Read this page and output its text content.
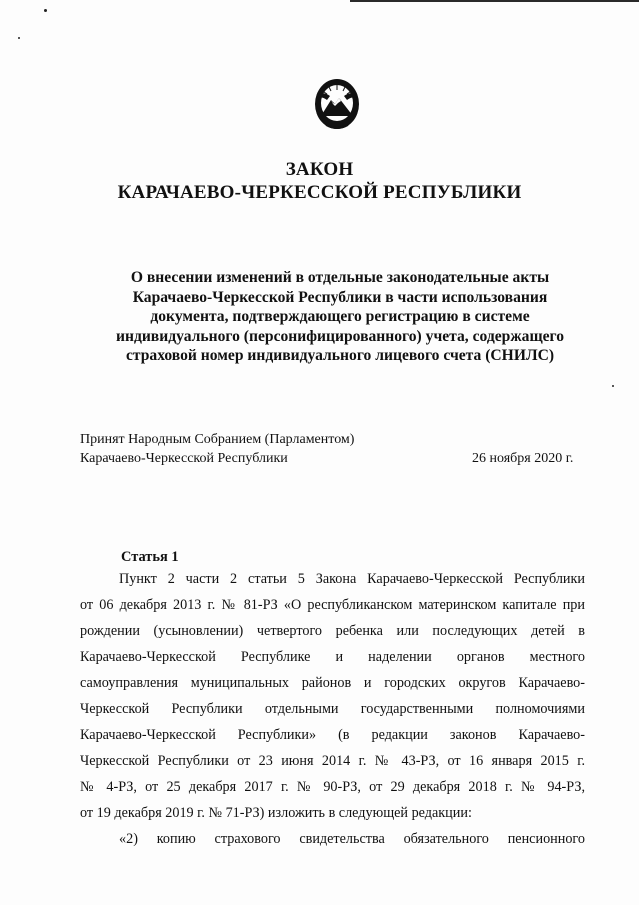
ЗАКОН
КАРАЧАЕВО-ЧЕРКЕССКОЙ РЕСПУБЛИКИ
О внесении изменений в отдельные законодательные акты
Карачаево-Черкесской Республики в части использования
документа, подтверждающего регистрацию в системе
индивидуального (персонифицированного) учета, содержащего
страховой номер индивидуального лицевого счета (СНИЛС)
Принят Народным Собранием (Парламентом)
Карачаево-Черкесской Республики	26 ноября 2020 г.
Статья 1
Пункт 2 части 2 статьи 5 Закона Карачаево-Черкесской Республики
от 06 декабря 2013 г. № 81-РЗ «О республиканском материнском капитале при
рождении (усыновлении) четвертого ребенка или последующих детей в
Карачаево-Черкесской Республике и наделении органов местного
самоуправления муниципальных районов и городских округов Карачаево-
Черкесской Республики отдельными государственными полномочиями
Карачаево-Черкесской Республики» (в редакции законов Карачаево-
Черкесской Республики от 23 июня 2014 г. № 43-РЗ, от 16 января 2015 г.
№ 4-РЗ, от 25 декабря 2017 г. № 90-РЗ, от 29 декабря 2018 г. № 94-РЗ,
от 19 декабря 2019 г. № 71-РЗ) изложить в следующей редакции:
«2) копию страхового свидетельства обязательного пенсионного
